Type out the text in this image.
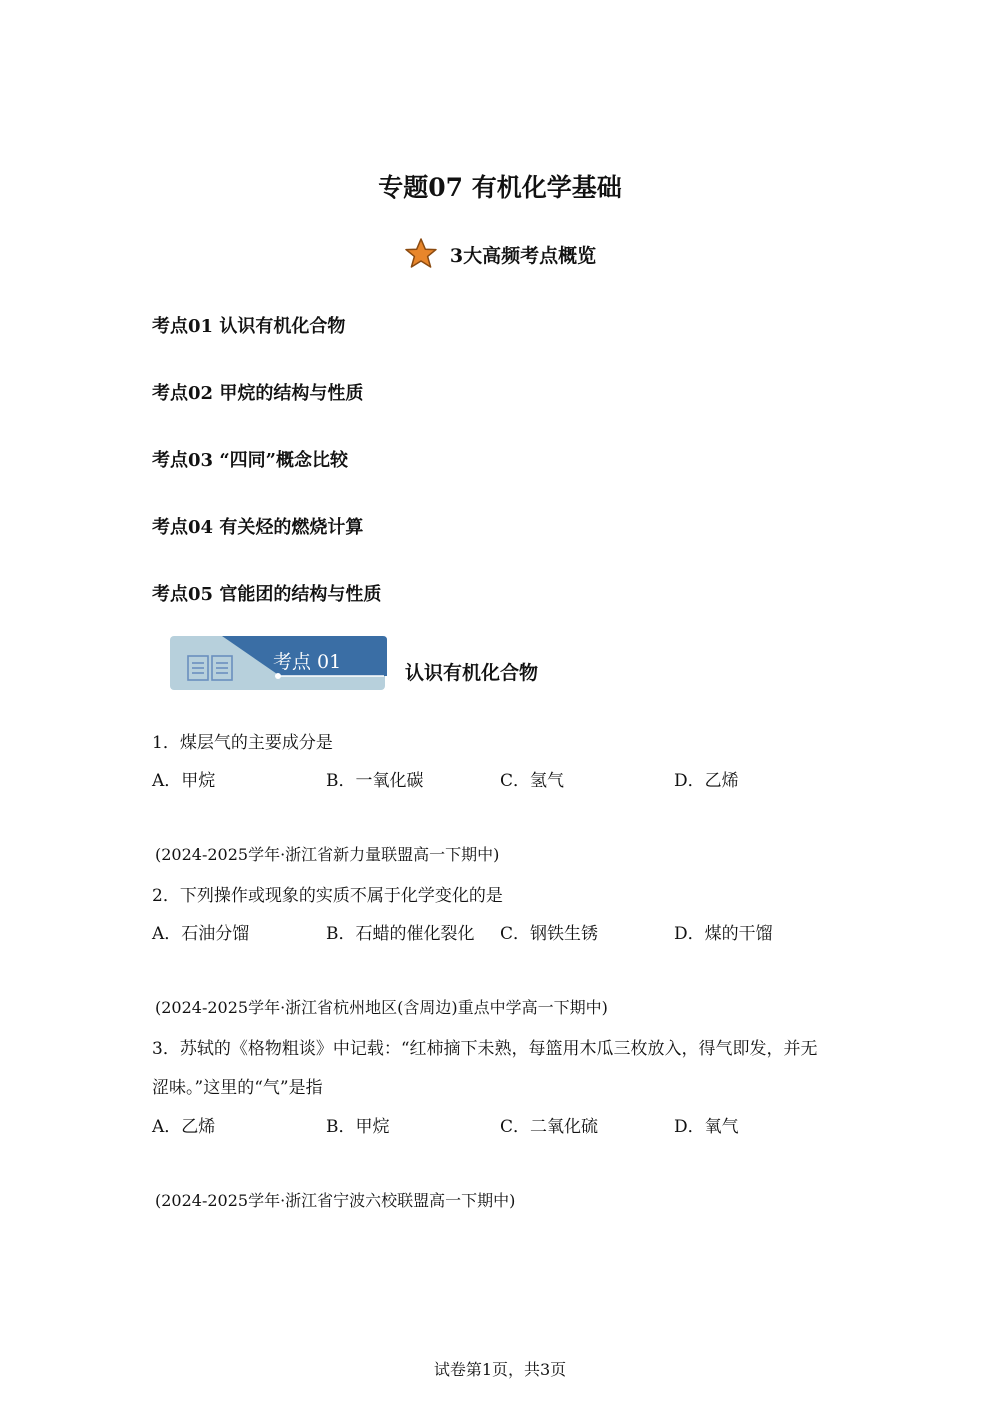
专题07 有机化学基础
3大高频考点概览
考点01 认识有机化合物
考点02 甲烷的结构与性质
考点03 “四同”概念比较
考点04 有关烃的燃烧计算
考点05 官能团的结构与性质
考点 01	认识有机化合物
1．煤层气的主要成分是
A．甲烷	B．一氧化碳	C．氢气	D．乙烯
(2024-2025学年·浙江省新力量联盟高一下期中)
2．下列操作或现象的实质不属于化学变化的是
A．石油分馏	B．石蜡的催化裂化 C．钢铁生锈	D．煤的干馏
(2024-2025学年·浙江省杭州地区(含周边)重点中学高一下期中)
3．苏轼的《格物粗谈》中记载：“红柿摘下未熟，每篮用木瓜三枚放入，得气即发，并无
涩味。”这里的“气”是指
A．乙烯	B．甲烷	C．二氧化硫	D．氧气
(2024-2025学年·浙江省宁波六校联盟高一下期中)
试卷第1页，共3页
